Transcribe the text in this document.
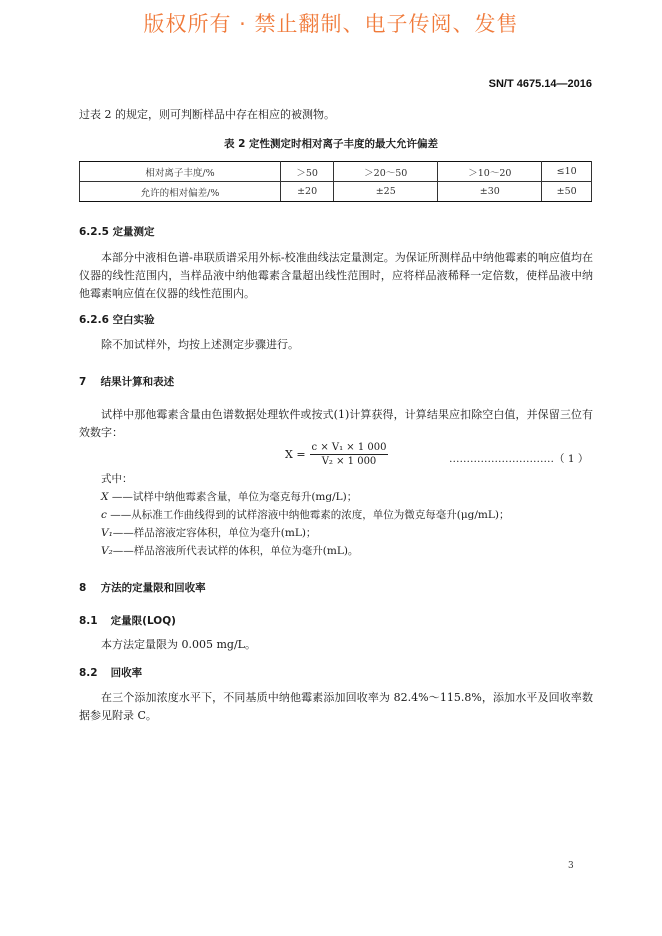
版权所有 · 禁止翻制、电子传阅、发售
SN/T 4675.14—2016
过表 2 的规定，则可判断样品中存在相应的被测物。
表 2 定性测定时相对离子丰度的最大允许偏差
相对离子丰度/%	＞50	＞20～50	＞10～20	≤10
允许的相对偏差/%	±20	±25	±30	±50
6.2.5 定量测定
本部分中液相色谱-串联质谱采用外标-校准曲线法定量测定。为保证所测样品中纳他霉素的响应值均在仪器的线性范围内，当样品液中纳他霉素含量超出线性范围时，应将样品液稀释一定倍数，使样品液中纳他霉素响应值在仪器的线性范围内。
6.2.6 空白实验
除不加试样外，均按上述测定步骤进行。
7 结果计算和表述
试样中那他霉素含量由色谱数据处理软件或按式(1)计算获得，计算结果应扣除空白值，并保留三位有效数字：
$X = \frac{\text{c × V₁ × 1 000}}{\text{V₂ × 1 000}}$	…………………………（ 1 ）
式中：
X ——试样中纳他霉素含量，单位为毫克每升(mg/L)；
c ——从标准工作曲线得到的试样溶液中纳他霉素的浓度，单位为微克每毫升(μg/mL)；
V₁——样品溶液定容体积，单位为毫升(mL)；
V₂——样品溶液所代表试样的体积，单位为毫升(mL)。
8 方法的定量限和回收率
8.1 定量限(LOQ)
本方法定量限为 0.005 mg/L。
8.2 回收率
在三个添加浓度水平下，不同基质中纳他霉素添加回收率为 82.4%～115.8%，添加水平及回收率数据参见附录 C。
3
